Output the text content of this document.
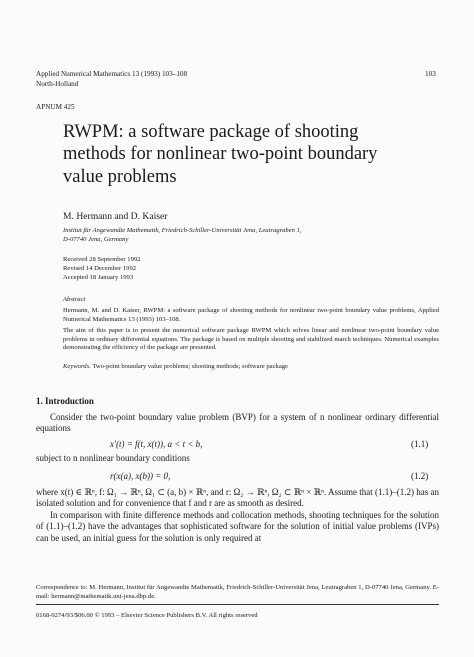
Applied Numerical Mathematics 13 (1993) 103–108
North-Holland
103
APNUM 425
RWPM: a software package of shooting
methods for nonlinear two-point boundary
value problems
M. Hermann and D. Kaiser
Institut für Angewandte Mathematik, Friedrich-Schiller-Universität Jena, Leutragraben 1,
D-07740 Jena, Germany
Received 28 September 1992
Revised 14 December 1992
Accepted 18 January 1993
Abstract
Hermann, M. and D. Kaiser, RWPM: a software package of shooting methods for nonlinear two-point boundary value problems, Applied Numerical Mathematics 13 (1993) 103–108.
The aim of this paper is to present the numerical software package RWPM which solves linear and nonlinear two-point boundary value problems in ordinary differential equations. The package is based on multiple shooting and stabilized march techniques. Numerical examples demonstrating the efficiency of the package are presented.
Keywords. Two-point boundary value problems; shooting methods; software package
1. Introduction
Consider the two-point boundary value problem (BVP) for a system of n nonlinear ordinary differential equations
x′(t) = f(t, x(t)), a < t < b,	(1.1)
subject to n nonlinear boundary conditions
r(x(a), x(b)) = 0,	(1.2)
where x(t) ∈ ℝⁿ, f: Ω₁ → ℝⁿ, Ω₁ ⊂ (a, b) × ℝⁿ, and r: Ω₂ → ℝⁿ, Ω₂ ⊂ ℝⁿ × ℝⁿ. Assume that (1.1)–(1.2) has an isolated solution and for convenience that f and r are as smooth as desired.
In comparison with finite difference methods and collocation methods, shooting techniques for the solution of (1.1)–(1.2) have the advantages that sophisticated software for the solution of initial value problems (IVPs) can be used, an initial guess for the solution is only required at
Correspondence to: M. Hermann, Institut für Angewandte Mathematik, Friedrich-Schiller-Universität Jena, Leutragraben 1, D-07740 Jena, Germany. E-mail: hermann@mathematik.uni-jena.dbp.de.
0168-9274/93/$06.00 © 1993 – Elsevier Science Publishers B.V. All rights reserved
